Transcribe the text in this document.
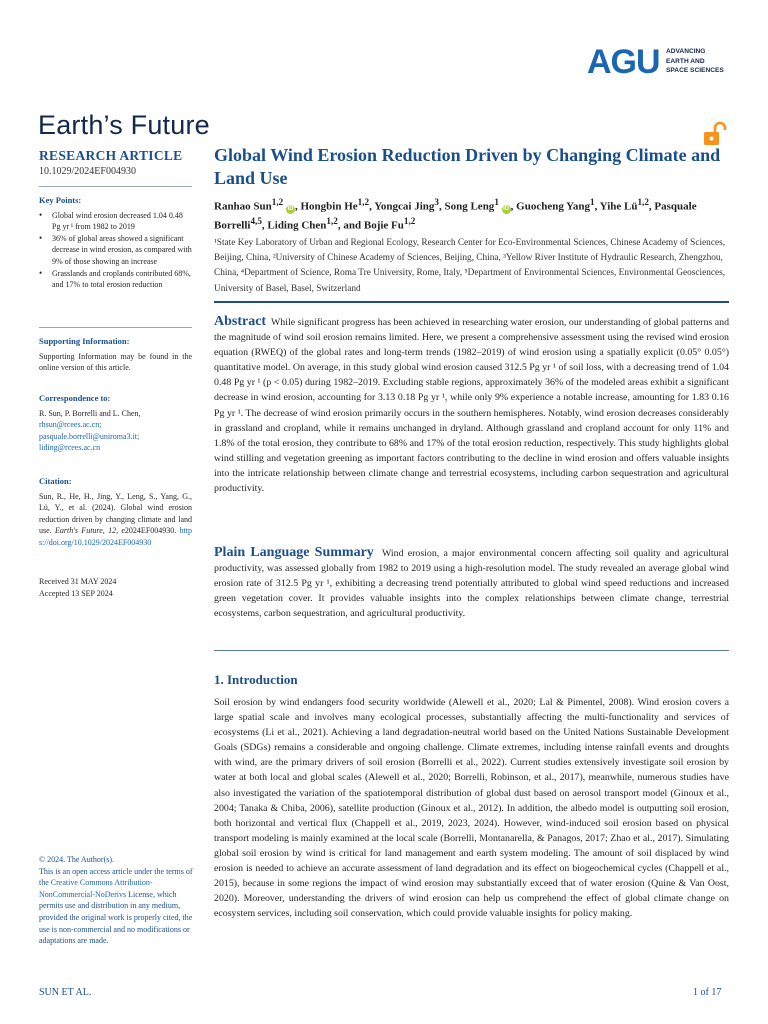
AGU ADVANCING
EARTH AND
SPACE SCIENCES
Earth’s Future
RESEARCH ARTICLE
10.1029/2024EF004930
Key Points:
• Global wind erosion decreased 1.04 0.48 Pg yr ¹ from 1982 to 2019
• 36% of global areas showed a significant decrease in wind erosion, as compared with 9% of those showing an increase
• Grasslands and croplands contributed 68%, and 17% to total erosion reduction
Supporting Information:
Supporting Information may be found in the online version of this article.
Correspondence to:
R. Sun, P. Borrelli and L. Chen,
rhsun@rcees.ac.cn;
pasquale.borrelli@uniroma3.it;
liding@rcees.ac.cn
Citation:
Sun, R., He, H., Jing, Y., Leng, S., Yang, G., Lü, Y., et al. (2024). Global wind erosion reduction driven by changing climate and land use. Earth's Future, 12, e2024EF004930. https://doi.org/10.1029/2024EF004930
Received 31 MAY 2024
Accepted 13 SEP 2024
© 2024. The Author(s).
This is an open access article under the terms of the Creative Commons Attribution-NonCommercial-NoDerivs License, which permits use and distribution in any medium, provided the original work is properly cited, the use is non-commercial and no modifications or adaptations are made.
Global Wind Erosion Reduction Driven by Changing Climate and Land Use
Ranhao Sun$^{1,2}$ iD , Hongbin He$^{1,2}$, Yongcai Jing$^3$, Song Leng$^1$ iD , Guocheng Yang$^1$, Yihe Lü$^{1,2}$, Pasquale Borrelli$^{4,5}$, Liding Chen$^{1,2}$, and Bojie Fu$^{1,2}$
¹State Key Laboratory of Urban and Regional Ecology, Research Center for Eco-Environmental Sciences, Chinese Academy of Sciences, Beijing, China, ²University of Chinese Academy of Sciences, Beijing, China, ³Yellow River Institute of Hydraulic Research, Zhengzhou, China, ⁴Department of Science, Roma Tre University, Rome, Italy, ⁵Department of Environmental Sciences, Environmental Geosciences, University of Basel, Basel, Switzerland
Abstract While significant progress has been achieved in researching water erosion, our understanding of global patterns and the magnitude of wind soil erosion remains limited. Here, we present a comprehensive assessment using the revised wind erosion equation (RWEQ) of the global rates and long-term trends (1982–2019) of wind erosion using a spatially explicit (0.05° 0.05°) quantitative model. On average, in this study global wind erosion caused 312.5 Pg yr ¹ of soil loss, with a decreasing trend of 1.04 0.48 Pg yr ¹ (p < 0.05) during 1982–2019. Excluding stable regions, approximately 36% of the modeled areas exhibit a significant decrease in wind erosion, accounting for 3.13 0.18 Pg yr ¹, while only 9% experience a notable increase, amounting for 1.83 0.16 Pg yr ¹. The decrease of wind erosion primarily occurs in the southern hemispheres. Notably, wind erosion decreases considerably in grassland and cropland, while it remains unchanged in dryland. Although grassland and cropland account for only 11% and 1.8% of the total erosion, they contribute to 68% and 17% of the total erosion reduction, respectively. This study highlights global wind stilling and vegetation greening as important factors contributing to the decline in wind erosion and offers valuable insights into the intricate relationship between climate change and terrestrial ecosystems, including carbon sequestration and agricultural productivity.
Plain Language Summary Wind erosion, a major environmental concern affecting soil quality and agricultural productivity, was assessed globally from 1982 to 2019 using a high-resolution model. The study revealed an average global wind erosion rate of 312.5 Pg yr ¹, exhibiting a decreasing trend potentially attributed to global wind speed reductions and increased green vegetation cover. It provides valuable insights into the complex relationships between climate change, terrestrial ecosystems, carbon sequestration, and agricultural productivity.
1. Introduction
Soil erosion by wind endangers food security worldwide (Alewell et al., 2020; Lal & Pimentel, 2008). Wind erosion covers a large spatial scale and involves many ecological processes, substantially affecting the multi-functionality and services of ecosystems (Li et al., 2021). Achieving a land degradation-neutral world based on the United Nations Sustainable Development Goals (SDGs) remains a considerable and ongoing challenge. Climate extremes, including intense rainfall events and droughts with wind, are the primary drivers of soil erosion (Borrelli et al., 2022). Current studies extensively investigate soil erosion by water at both local and global scales (Alewell et al., 2020; Borrelli, Robinson, et al., 2017), meanwhile, numerous studies have also investigated the variation of the spatiotemporal distribution of global dust based on aerosol transport model (Ginoux et al., 2004; Tanaka & Chiba, 2006), satellite production (Ginoux et al., 2012). In addition, the albedo model is outputting soil erosion, both horizontal and vertical flux (Chappell et al., 2019, 2023, 2024). However, wind-induced soil erosion based on physical transport modeling is mainly examined at the local scale (Borrelli, Montanarella, & Panagos, 2017; Zhao et al., 2017). Simulating global soil erosion by wind is critical for land management and earth system modeling. The amount of soil displaced by wind erosion is needed to achieve an accurate assessment of land degradation and its effect on biogeochemical cycles (Chappell et al., 2015), because in some regions the impact of wind erosion may substantially exceed that of water erosion (Quine & Van Oost, 2020). Moreover, understanding the drivers of wind erosion can help us comprehend the effect of global climate change on ecosystem services, including soil conservation, which could provide valuable insights for policy making.
SUN ET AL.	1 of 17
